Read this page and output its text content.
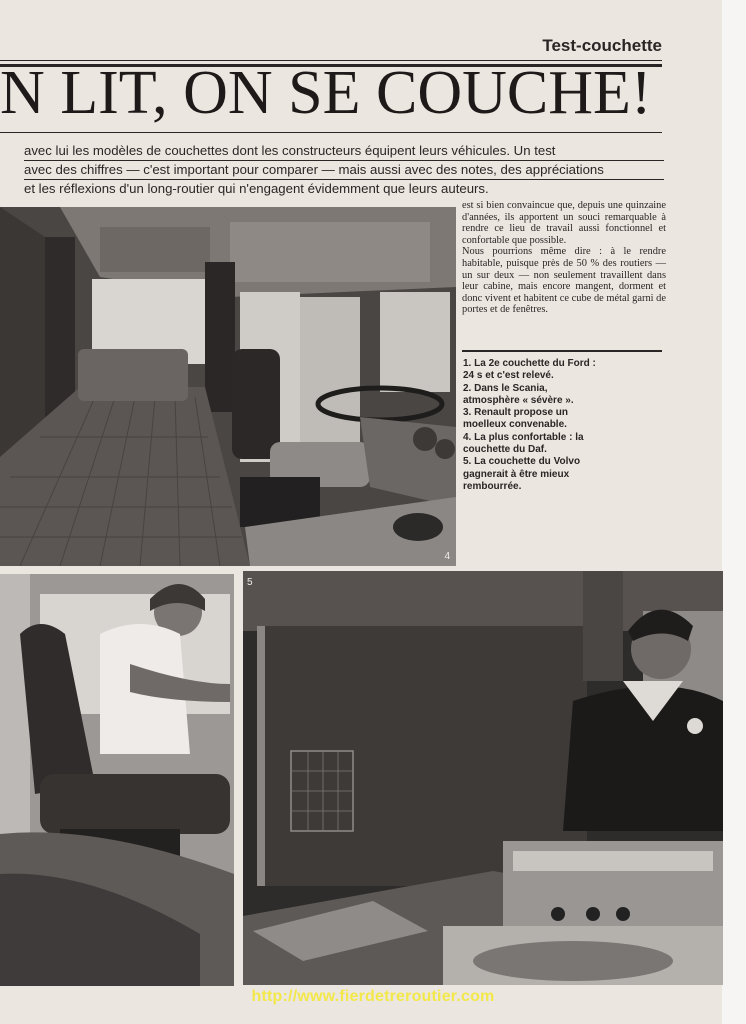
Test-couchette
N LIT, ON SE COUCHE!

avec lui les modèles de couchettes dont les constructeurs équipent leurs véhicules. Un test

avec des chiffres — c'est important pour comparer — mais aussi avec des notes, des appréciations

et les réflexions d'un long-routier qui n'engagent évidemment que leurs auteurs.

4

est si bien convaincue que, depuis une quinzaine d'années, ils apportent un souci remarquable à rendre ce lieu de travail aussi fonctionnel et confortable que possible.

Nous pourrions même dire : à le rendre habitable, puisque près de 50 % des routiers — un sur deux — non seulement travaillent dans leur cabine, mais encore mangent, dorment et donc vivent et habitent ce cube de métal garni de portes et de fenêtres.

1. La 2e couchette du Ford :
24 s et c'est relevé.
2. Dans le Scania,
atmosphère « sévère ».
3. Renault propose un
moelleux convenable.
4. La plus confortable : la
couchette du Daf.
5. La couchette du Volvo
gagnerait à être mieux
rembourrée.
5
http://www.fierdetreroutier.com
